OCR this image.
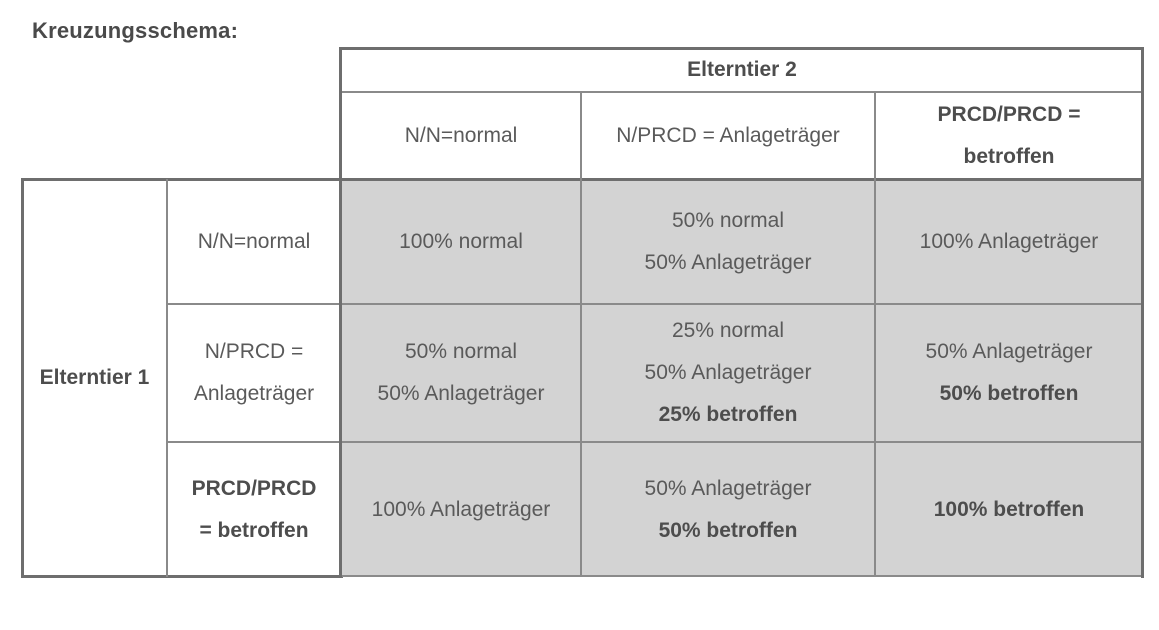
Kreuzungsschema:
Elterntier 2
N/N=normal	N/PRCD = Anlageträger
PRCD/PRCD =
betroffen
Elterntier 1
N/N=normal
N/PRCD =
Anlageträger
PRCD/PRCD
= betroffen
100% normal
50% normal
50% Anlageträger
100% Anlageträger
50% normal
50% Anlageträger
25% normal
50% Anlageträger
25% betroffen
50% Anlageträger
50% betroffen
100% Anlageträger
50% Anlageträger
50% betroffen
100% betroffen
